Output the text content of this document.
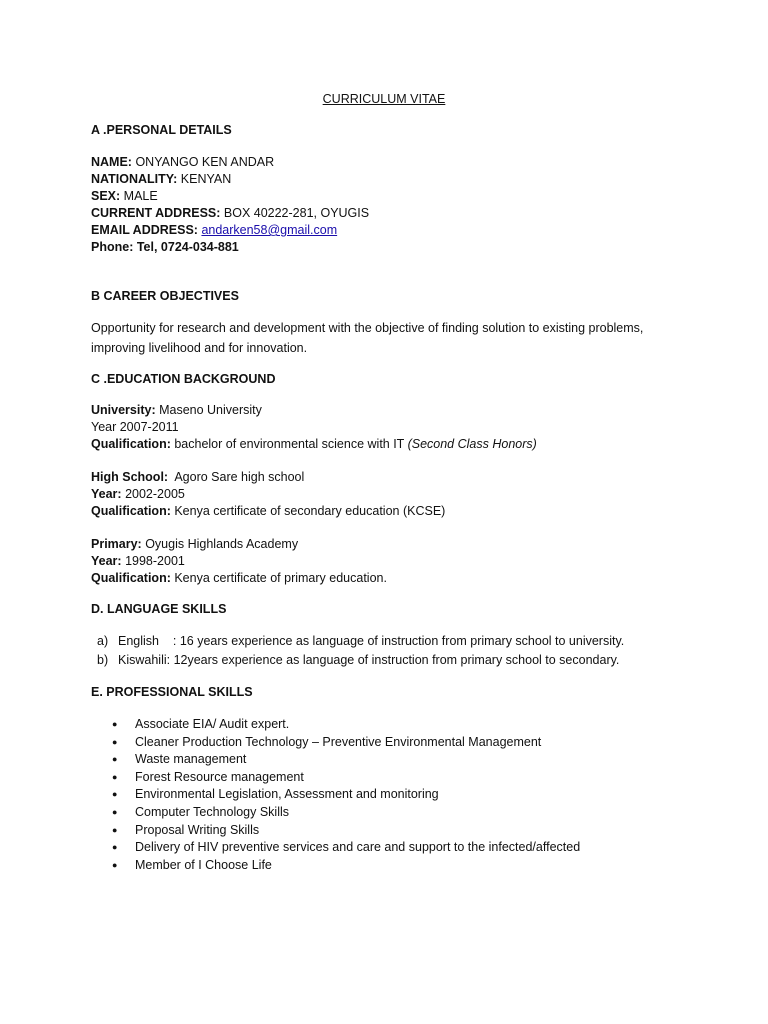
CURRICULUM VITAE
A .PERSONAL DETAILS
NAME: ONYANGO KEN ANDAR
NATIONALITY: KENYAN
SEX: MALE
CURRENT ADDRESS: BOX 40222-281, OYUGIS
EMAIL ADDRESS: andarken58@gmail.com
Phone: Tel, 0724-034-881
B CAREER OBJECTIVES
Opportunity for research and development with the objective of finding solution to existing problems, improving livelihood and for innovation.
C .EDUCATION BACKGROUND
University: Maseno University
Year 2007-2011
Qualification: bachelor of environmental science with IT (Second Class Honors)
High School:  Agoro Sare high school
Year: 2002-2005
Qualification: Kenya certificate of secondary education (KCSE)
Primary: Oyugis Highlands Academy
Year: 1998-2001
Qualification: Kenya certificate of primary education.
D. LANGUAGE SKILLS
a) English    : 16 years experience as language of instruction from primary school to university.
b) Kiswahili: 12years experience as language of instruction from primary school to secondary.
E. PROFESSIONAL SKILLS
● Associate EIA/ Audit expert.
● Cleaner Production Technology – Preventive Environmental Management
● Waste management
● Forest Resource management
● Environmental Legislation, Assessment and monitoring
● Computer Technology Skills
● Proposal Writing Skills
● Delivery of HIV preventive services and care and support to the infected/affected
● Member of I Choose Life
